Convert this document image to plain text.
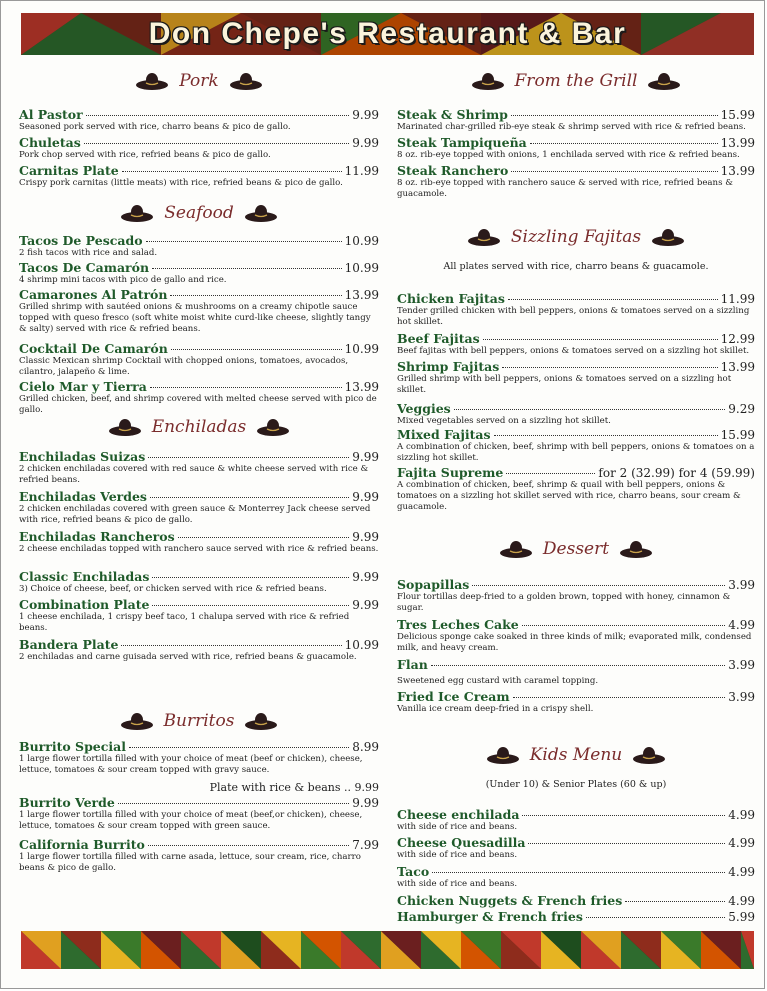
Don Chepe's Restaurant & Bar
Pork
Al Pastor	9.99
Seasoned pork served with rice, charro beans & pico de gallo.
Chuletas	9.99
Pork chop served with rice, refried beans & pico de gallo.
Carnitas Plate	11.99
Crispy pork carnitas (little meats) with rice, refried beans & pico de gallo.
Seafood
Tacos De Pescado	10.99
2 fish tacos with rice and salad.
Tacos De Camarón	10.99
4 shrimp mini tacos with pico de gallo and rice.
Camarones Al Patrón	13.99
Grilled shrimp with sautéed onions & mushrooms on a creamy chipotle sauce topped with queso fresco (soft white moist white curd-like cheese, slightly tangy & salty) served with rice & refried beans.
Cocktail De Camarón	10.99
Classic Mexican shrimp Cocktail with chopped onions, tomatoes, avocados, cilantro, jalapeño & lime.
Cielo Mar y Tierra	13.99
Grilled chicken, beef, and shrimp covered with melted cheese served with pico de gallo.
Enchiladas
Enchiladas Suizas	9.99
2 chicken enchiladas covered with red sauce & white cheese served with rice & refried beans.
Enchiladas Verdes	9.99
2 chicken enchiladas covered with green sauce & Monterrey Jack cheese served with rice, refried beans & pico de gallo.
Enchiladas Rancheros	9.99
2 cheese enchiladas topped with ranchero sauce served with rice & refried beans.
Classic Enchiladas	9.99
3) Choice of cheese, beef, or chicken served with rice & refried beans.
Combination Plate	9.99
1 cheese enchilada, 1 crispy beef taco, 1 chalupa served with rice & refried beans.
Bandera Plate	10.99
2 enchiladas and carne guisada served with rice, refried beans & guacamole.
Burritos
Burrito Special	8.99
1 large flower tortilla filled with your choice of meat (beef or chicken), cheese, lettuce, tomatoes & sour cream topped with gravy sauce.
Plate with rice & beans .. 9.99
Burrito Verde	9.99
1 large flower tortilla filled with your choice of meat (beef,or chicken), cheese, lettuce, tomatoes & sour cream topped with green sauce.
California Burrito	7.99
1 large flower tortilla filled with carne asada, lettuce, sour cream, rice, charro beans & pico de gallo.
From the Grill
Steak & Shrimp	15.99
Marinated char-grilled rib-eye steak & shrimp served with rice & refried beans.
Steak Tampiqueña	13.99
8 oz. rib-eye topped with onions, 1 enchilada served with rice & refried beans.
Steak Ranchero	13.99
8 oz. rib-eye topped with ranchero sauce & served with rice, refried beans & guacamole.
Sizzling Fajitas
All plates served with rice, charro beans & guacamole.
Chicken Fajitas	11.99
Tender grilled chicken with bell peppers, onions & tomatoes served on a sizzling hot skillet.
Beef Fajitas	12.99
Beef fajitas with bell peppers, onions & tomatoes served on a sizzling hot skillet.
Shrimp Fajitas	13.99
Grilled shrimp with bell peppers, onions & tomatoes served on a sizzling hot skillet.
Veggies	9.29
Mixed vegetables served on a sizzling hot skillet.
Mixed Fajitas	15.99
A combination of chicken, beef, shrimp with bell peppers, onions & tomatoes on a sizzling hot skillet.
Fajita Supreme	for 2 (32.99) for 4 (59.99)
A combination of chicken, beef, shrimp & quail with bell peppers, onions & tomatoes on a sizzling hot skillet served with rice, charro beans, sour cream & guacamole.
Dessert
Sopapillas	3.99
Flour tortillas deep-fried to a golden brown, topped with honey, cinnamon & sugar.
Tres Leches Cake	4.99
Delicious sponge cake soaked in three kinds of milk; evaporated milk, condensed milk, and heavy cream.
Flan	3.99
Sweetened egg custard with caramel topping.
Fried Ice Cream	3.99
Vanilla ice cream deep-fried in a crispy shell.
Kids Menu
(Under 10) & Senior Plates (60 & up)
Cheese enchilada	4.99
with side of rice and beans.
Cheese Quesadilla	4.99
with side of rice and beans.
Taco	4.99
with side of rice and beans.
Chicken Nuggets & French fries	4.99
Hamburger & French fries	5.99
